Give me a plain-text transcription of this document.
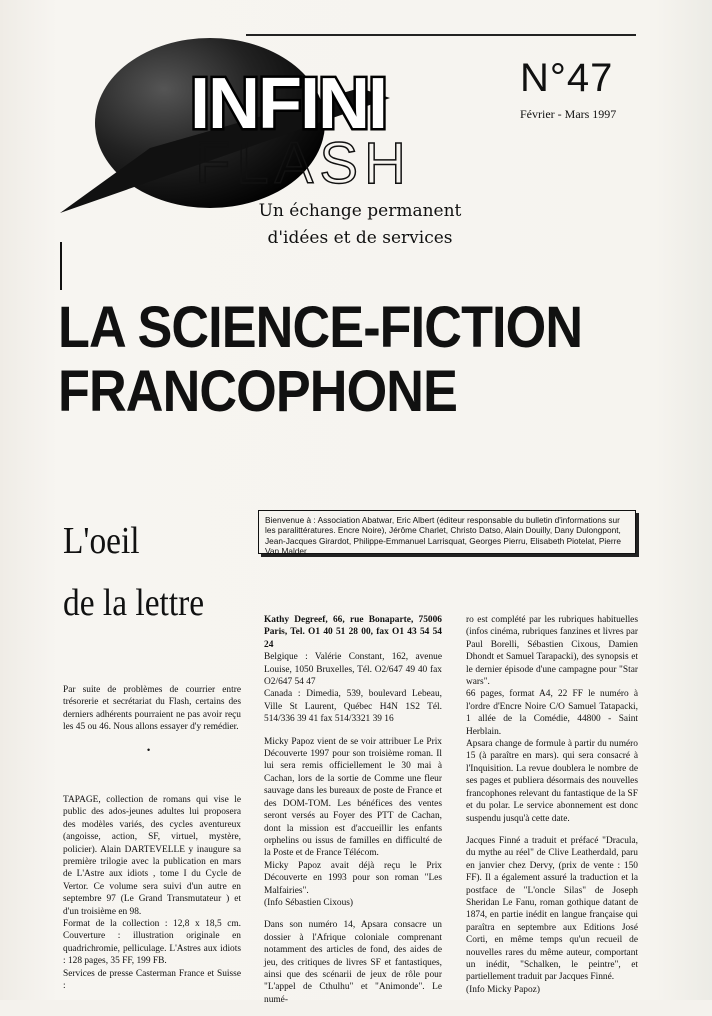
INFINI
FLASH
N°47
Février - Mars 1997
Un échange permanent
d'idées et de services
LA SCIENCE-FICTION
FRANCOPHONE
L'oeil
de la lettre
Bienvenue à : Association Abatwar, Eric Albert (éditeur responsable du bulletin d'informations sur les paralittératures. Encre Noire), Jérôme Charlet, Christo Datso, Alain Douilly, Dany Dulongpont, Jean-Jacques Girardot, Philippe-Emmanuel Larrisquat, Georges Pierru, Elisabeth Piotelat, Pierre Van Malder.

Par suite de problèmes de courrier entre trésorerie et secrétariat du Flash, certains des derniers adhérents pourraient ne pas avoir reçu les 45 ou 46. Nous allons essayer d'y remédier.

•

TAPAGE, collection de romans qui vise le public des ados-jeunes adultes lui proposera des modèles variés, des cycles aventureux (angoisse, action, SF, virtuel, mystère, policier). Alain DARTEVELLE y inaugure sa première trilogie avec la publication en mars de L'Astre aux idiots , tome I du Cycle de Vertor. Ce volume sera suivi d'un autre en septembre 97 (Le Grand Transmutateur ) et d'un troisième en 98.

Format de la collection : 12,8 x 18,5 cm. Couverture : illustration originale en quadrichromie, pelliculage. L'Astres aux idiots : 128 pages, 35 FF, 199 FB.

Services de presse Casterman France et Suisse :

Kathy Degreef, 66, rue Bonaparte, 75006 Paris, Tel. O1 40 51 28 00, fax O1 43 54 54 24

Belgique : Valérie Constant, 162, avenue Louise, 1050 Bruxelles, Tél. O2/647 49 40 fax O2/647 54 47

Canada : Dimedia, 539, boulevard Lebeau, Ville St Laurent, Québec H4N 1S2 Tél. 514/336 39 41 fax 514/3321 39 16

Micky Papoz vient de se voir attribuer Le Prix Découverte 1997 pour son troisième roman. Il lui sera remis officiellement le 30 mai à Cachan, lors de la sortie de Comme une fleur sauvage dans les bureaux de poste de France et des DOM-TOM. Les bénéfices des ventes seront versés au Foyer des PTT de Cachan, dont la mission est d'accueillir les enfants orphelins ou issus de familles en difficulté de la Poste et de France Télécom.

Micky Papoz avait déjà reçu le Prix Découverte en 1993 pour son roman "Les Malfairies".

(Info Sébastien Cixous)

Dans son numéro 14, Apsara consacre un dossier à l'Afrique coloniale comprenant notamment des articles de fond, des aides de jeu, des critiques de livres SF et fantastiques, ainsi que des scénarii de jeux de rôle pour "L'appel de Cthulhu" et "Animonde". Le numé-

ro est complété par les rubriques habituelles (infos cinéma, rubriques fanzines et livres par Paul Borelli, Sébastien Cixous, Damien Dhondt et Samuel Tarapacki), des synopsis et le dernier épisode d'une campagne pour "Star wars".

66 pages, format A4, 22 FF le numéro à l'ordre d'Encre Noire C/O Samuel Tatapacki, 1 allée de la Comédie, 44800 - Saint Herblain.

Apsara change de formule à partir du numéro 15 (à paraître en mars). qui sera consacré à l'Inquisition. La revue doublera le nombre de ses pages et publiera désormais des nouvelles francophones relevant du fantastique de la SF et du polar. Le service abonnement est donc suspendu jusqu'à cette date.

Jacques Finné a traduit et préfacé "Dracula, du mythe au réel" de Clive Leatherdald, paru en janvier chez Dervy, (prix de vente : 150 FF). Il a également assuré la traduction et la postface de "L'oncle Silas" de Joseph Sheridan Le Fanu, roman gothique datant de 1874, en partie inédit en langue française qui paraîtra en septembre aux Editions José Corti, en même temps qu'un recueil de nouvelles rares du même auteur, comportant un inédit, "Schalken, le peintre", et partiellement traduit par Jacques Finné.

(Info Micky Papoz)
